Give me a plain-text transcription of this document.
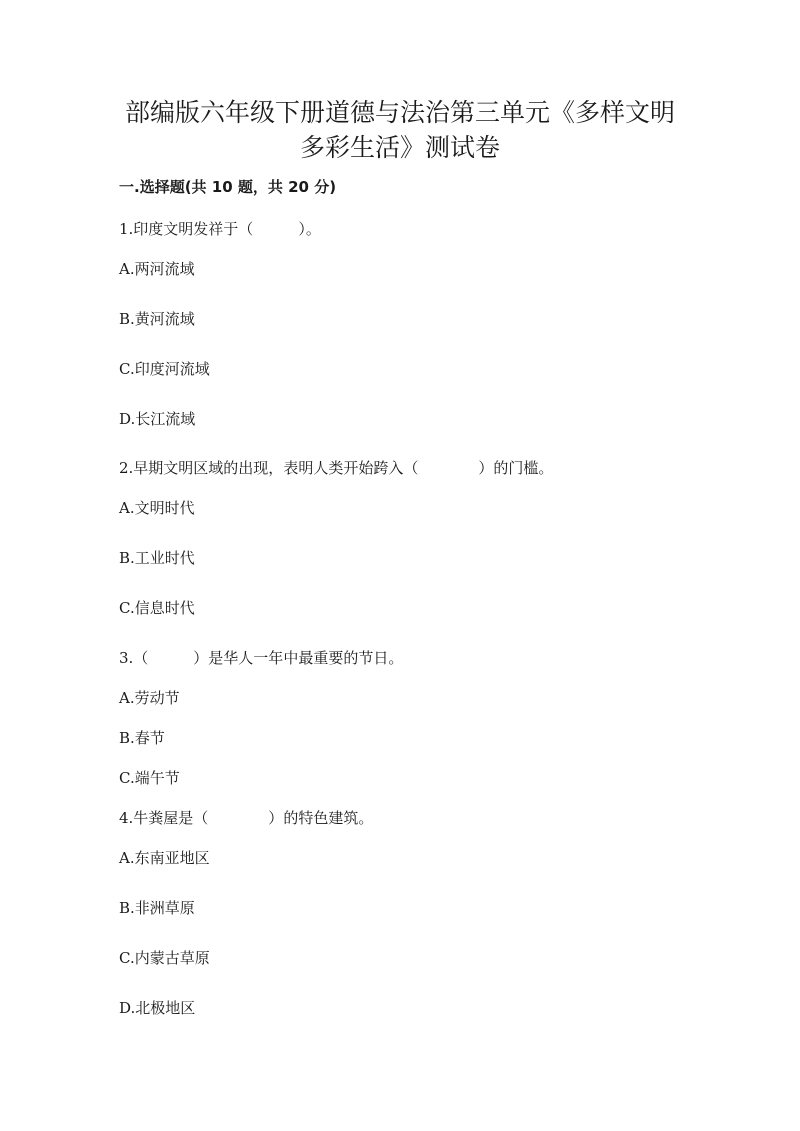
部编版六年级下册道德与法治第三单元《多样文明
多彩生活》测试卷
一.选择题(共 10 题，共 20 分)
1.印度文明发祥于（　　　）。
A.两河流域
B.黄河流域
C.印度河流域
D.长江流域
2.早期文明区域的出现，表明人类开始跨入（　　　　）的门槛。
A.文明时代
B.工业时代
C.信息时代
3.（　　　）是华人一年中最重要的节日。
A.劳动节
B.春节
C.端午节
4.牛粪屋是（　　　　）的特色建筑。
A.东南亚地区
B.非洲草原
C.内蒙古草原
D.北极地区
